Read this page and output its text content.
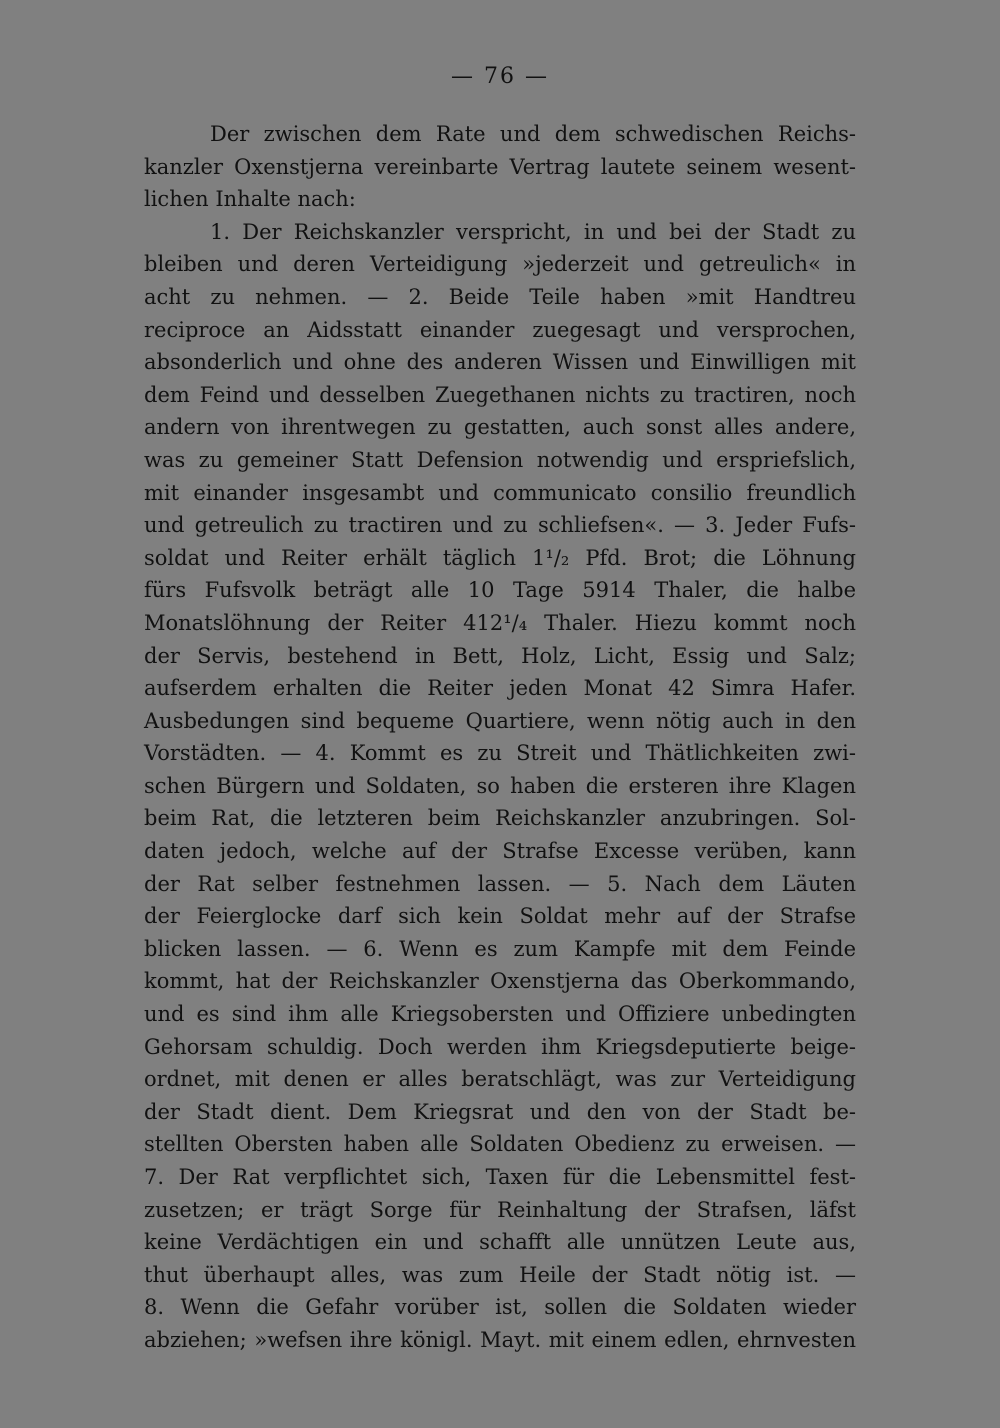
— 76 —
Der zwischen dem Rate und dem schwedischen Reichs-
kanzler Oxenstjerna vereinbarte Vertrag lautete seinem wesent-
lichen Inhalte nach:
1. Der Reichskanzler verspricht, in und bei der Stadt zu
bleiben und deren Verteidigung »jederzeit und getreulich« in
acht zu nehmen. — 2. Beide Teile haben »mit Handtreu
reciproce an Aidsstatt einander zuegesagt und versprochen,
absonderlich und ohne des anderen Wissen und Einwilligen mit
dem Feind und desselben Zuegethanen nichts zu tractiren, noch
andern von ihrentwegen zu gestatten, auch sonst alles andere,
was zu gemeiner Statt Defension notwendig und erspriefslich,
mit einander insgesambt und communicato consilio freundlich
und getreulich zu tractiren und zu schliefsen«. — 3. Jeder Fufs-
soldat und Reiter erhält täglich 1¹/₂ Pfd. Brot; die Löhnung
fürs Fufsvolk beträgt alle 10 Tage 5914 Thaler, die halbe
Monatslöhnung der Reiter 412¹/₄ Thaler. Hiezu kommt noch
der Servis, bestehend in Bett, Holz, Licht, Essig und Salz;
aufserdem erhalten die Reiter jeden Monat 42 Simra Hafer.
Ausbedungen sind bequeme Quartiere, wenn nötig auch in den
Vorstädten. — 4. Kommt es zu Streit und Thätlichkeiten zwi-
schen Bürgern und Soldaten, so haben die ersteren ihre Klagen
beim Rat, die letzteren beim Reichskanzler anzubringen. Sol-
daten jedoch, welche auf der Strafse Excesse verüben, kann
der Rat selber festnehmen lassen. — 5. Nach dem Läuten
der Feierglocke darf sich kein Soldat mehr auf der Strafse
blicken lassen. — 6. Wenn es zum Kampfe mit dem Feinde
kommt, hat der Reichskanzler Oxenstjerna das Oberkommando,
und es sind ihm alle Kriegsobersten und Offiziere unbedingten
Gehorsam schuldig. Doch werden ihm Kriegsdeputierte beige-
ordnet, mit denen er alles beratschlägt, was zur Verteidigung
der Stadt dient. Dem Kriegsrat und den von der Stadt be-
stellten Obersten haben alle Soldaten Obedienz zu erweisen. —
7. Der Rat verpflichtet sich, Taxen für die Lebensmittel fest-
zusetzen; er trägt Sorge für Reinhaltung der Strafsen, läfst
keine Verdächtigen ein und schafft alle unnützen Leute aus,
thut überhaupt alles, was zum Heile der Stadt nötig ist. —
8. Wenn die Gefahr vorüber ist, sollen die Soldaten wieder
abziehen; »wefsen ihre königl. Mayt. mit einem edlen, ehrnvesten
